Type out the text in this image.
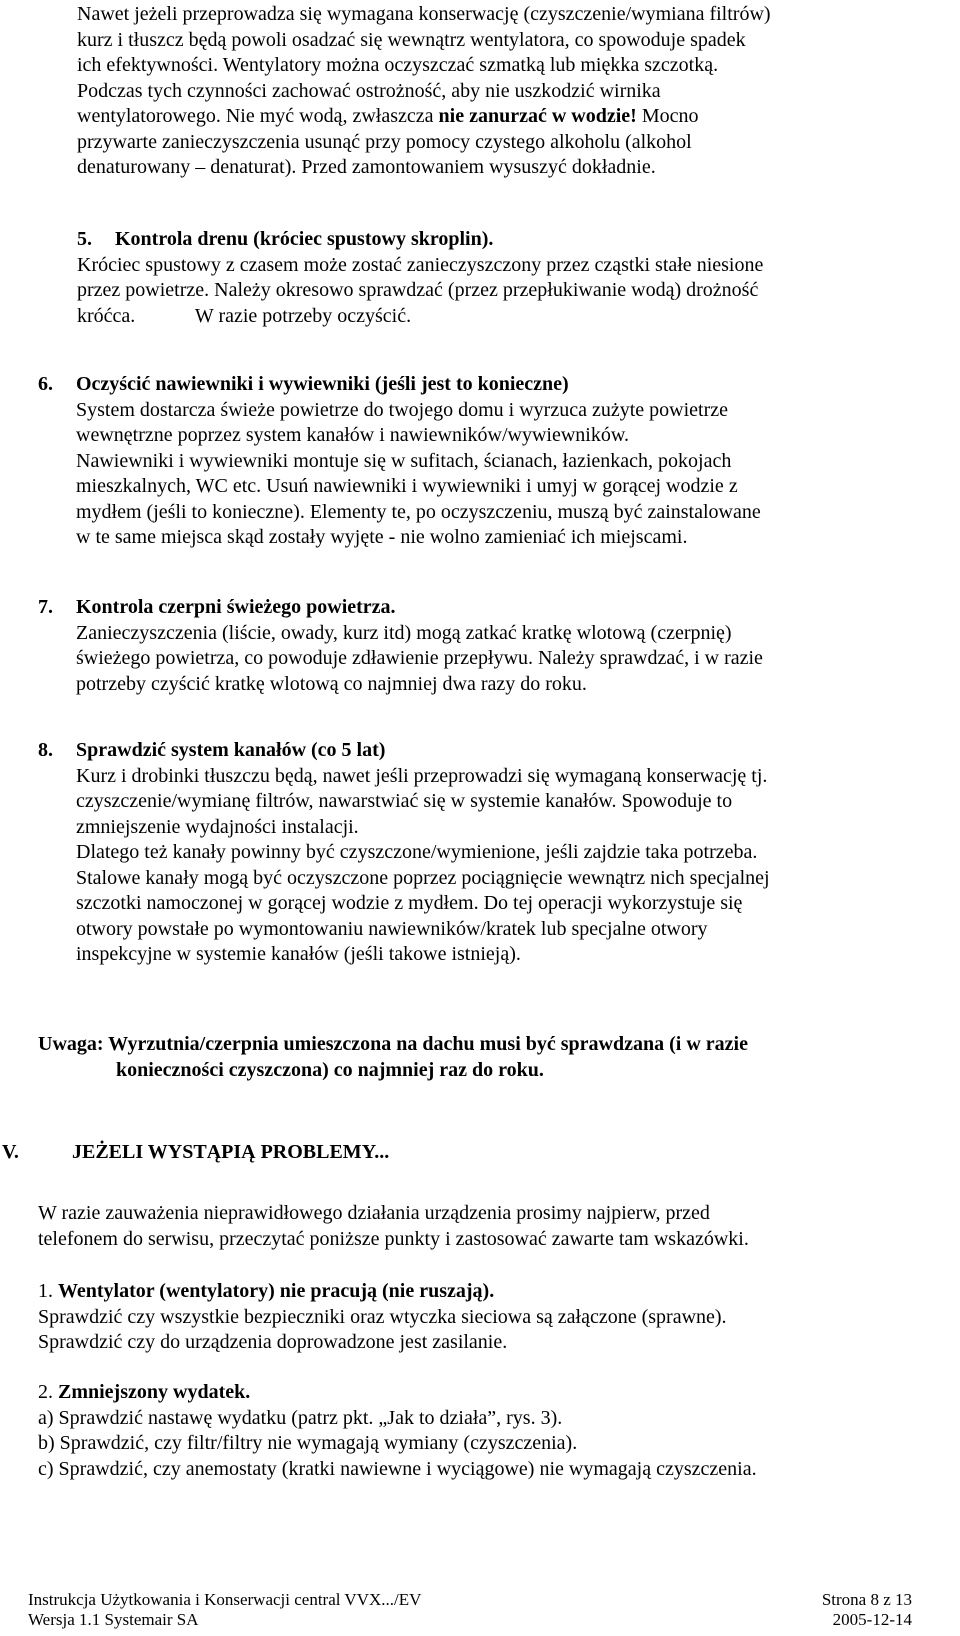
Nawet jeżeli przeprowadza się wymagana konserwację (czyszczenie/wymiana filtrów)
kurz i tłuszcz będą powoli osadzać się wewnątrz wentylatora, co spowoduje spadek
ich efektywności. Wentylatory można oczyszczać szmatką lub miękka szczotką.
Podczas tych czynności zachować ostrożność, aby nie uszkodzić wirnika
wentylatorowego. Nie myć wodą, zwłaszcza nie zanurzać w wodzie! Mocno
przywarte zanieczyszczenia usunąć przy pomocy czystego alkoholu (alkohol
denaturowany – denaturat). Przed zamontowaniem wysuszyć dokładnie.
5. Kontrola drenu (króciec spustowy skroplin).
Króciec spustowy z czasem może zostać zanieczyszczony przez cząstki stałe niesione
przez powietrze. Należy okresowo sprawdzać (przez przepłukiwanie wodą) drożność
króćca.            W razie potrzeby oczyścić.
6. Oczyścić nawiewniki i wywiewniki (jeśli jest to konieczne)
System dostarcza świeże powietrze do twojego domu i wyrzuca zużyte powietrze
wewnętrzne poprzez system kanałów i nawiewników/wywiewników.
Nawiewniki i wywiewniki montuje się w sufitach, ścianach, łazienkach, pokojach
mieszkalnych, WC etc. Usuń nawiewniki i wywiewniki i umyj w gorącej wodzie z
mydłem (jeśli to konieczne). Elementy te, po oczyszczeniu, muszą być zainstalowane
w te same miejsca skąd zostały wyjęte - nie wolno zamieniać ich miejscami.
7. Kontrola czerpni świeżego powietrza.
Zanieczyszczenia (liście, owady, kurz itd) mogą zatkać kratkę wlotową (czerpnię)
świeżego powietrza, co powoduje zdławienie przepływu. Należy sprawdzać, i w razie
potrzeby czyścić kratkę wlotową co najmniej dwa razy do roku.
8. Sprawdzić system kanałów (co 5 lat)
Kurz i drobinki tłuszczu będą, nawet jeśli przeprowadzi się wymaganą konserwację tj.
czyszczenie/wymianę filtrów, nawarstwiać się w systemie kanałów. Spowoduje to
zmniejszenie wydajności instalacji.
Dlatego też kanały powinny być czyszczone/wymienione, jeśli zajdzie taka potrzeba.
Stalowe kanały mogą być oczyszczone poprzez pociągnięcie wewnątrz nich specjalnej
szczotki namoczonej w gorącej wodzie z mydłem. Do tej operacji wykorzystuje się
otwory powstałe po wymontowaniu nawiewników/kratek lub specjalne otwory
inspekcyjne w systemie kanałów (jeśli takowe istnieją).
Uwaga: Wyrzutnia/czerpnia umieszczona na dachu musi być sprawdzana (i w razie
konieczności czyszczona) co najmniej raz do roku.
V.	JEŻELI WYSTĄPIĄ PROBLEMY...
W razie zauważenia nieprawidłowego działania urządzenia prosimy najpierw, przed
telefonem do serwisu, przeczytać poniższe punkty i zastosować zawarte tam wskazówki.
1. Wentylator (wentylatory) nie pracują (nie ruszają).
Sprawdzić czy wszystkie bezpieczniki oraz wtyczka sieciowa są załączone (sprawne).
Sprawdzić czy do urządzenia doprowadzone jest zasilanie.
2. Zmniejszony wydatek.
a) Sprawdzić nastawę wydatku (patrz pkt. „Jak to działa”, rys. 3).
b) Sprawdzić, czy filtr/filtry nie wymagają wymiany (czyszczenia).
c) Sprawdzić, czy anemostaty (kratki nawiewne i wyciągowe) nie wymagają czyszczenia.
Instrukcja Użytkowania i Konserwacji central VVX.../EV	Strona 8 z 13
Wersja 1.1 Systemair SA	2005-12-14
